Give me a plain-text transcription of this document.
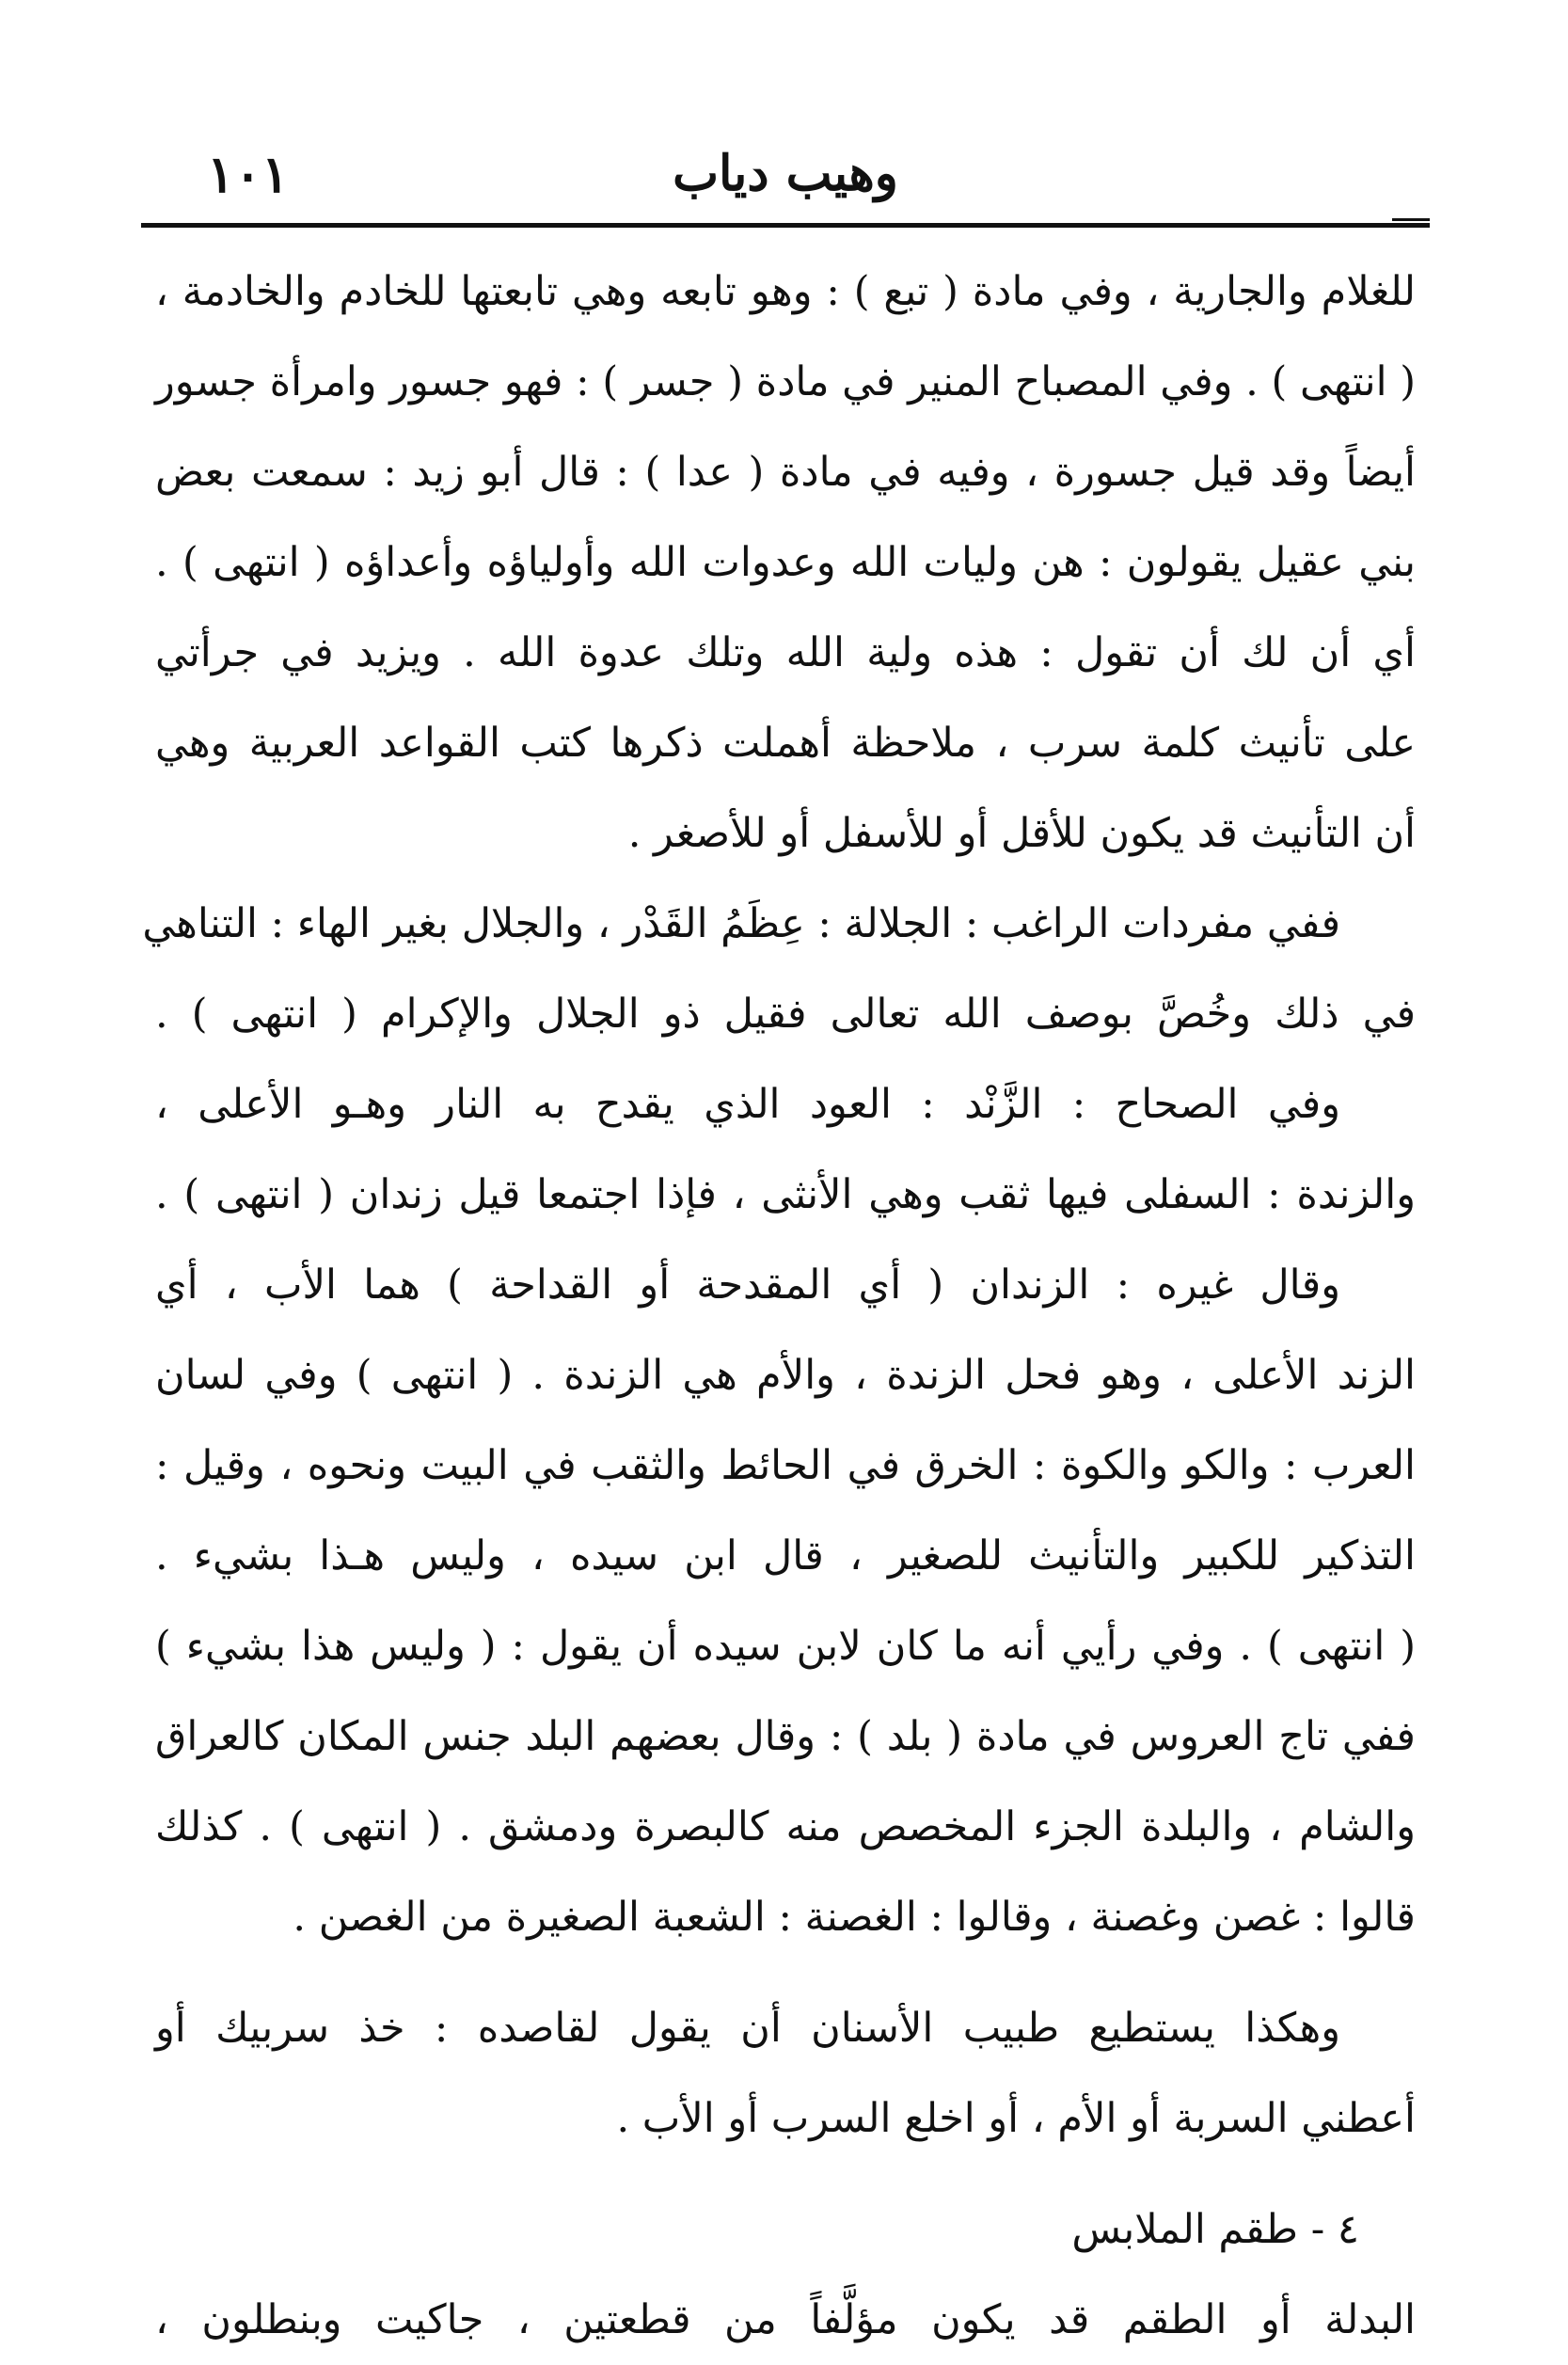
١٠١	وهيب دياب
للغلام والجارية ، وفي مادة ( تبع ) : وهو تابعه وهي تابعتها للخادم والخادمة ،
( انتهى ) . وفي المصباح المنير في مادة ( جسر ) : فهو جسور وامرأة جسور
أيضاً وقد قيل جسورة ، وفيه في مادة ( عدا ) : قال أبو زيد : سمعت بعض
بني عقيل يقولون : هن وليات الله وعدوات الله وأولياؤه وأعداؤه ( انتهى ) .
أي أن لك أن تقول : هذه ولية الله وتلك عدوة الله . ويزيد في جرأتي
على تأنيث كلمة سرب ، ملاحظة أهملت ذكرها كتب القواعد العربية وهي
أن التأنيث قد يكون للأقل أو للأسفل أو للأصغر .
ففي مفردات الراغب : الجلالة : عِظَمُ القَدْر ، والجلال بغير الهاء : التناهي
في ذلك وخُصَّ بوصف الله تعالى فقيل ذو الجلال والإكرام ( انتهى ) .
وفي الصحاح : الزَّنْد : العود الذي يقدح به النار وهـو الأعلى ،
والزندة : السفلى فيها ثقب وهي الأنثى ، فإذا اجتمعا قيل زندان ( انتهى ) .
وقال غيره : الزندان ( أي المقدحة أو القداحة ) هما الأب ، أي
الزند الأعلى ، وهو فحل الزندة ، والأم هي الزندة . ( انتهى ) وفي لسان
العرب : والكو والكوة : الخرق في الحائط والثقب في البيت ونحوه ، وقيل :
التذكير للكبير والتأنيث للصغير ، قال ابن سيده ، وليس هـذا بشيء .
( انتهى ) . وفي رأيي أنه ما كان لابن سيده أن يقول : ( وليس هذا بشيء )
ففي تاج العروس في مادة ( بلد ) : وقال بعضهم البلد جنس المكان كالعراق
والشام ، والبلدة الجزء المخصص منه كالبصرة ودمشق . ( انتهى ) . كذلك
قالوا : غصن وغصنة ، وقالوا : الغصنة : الشعبة الصغيرة من الغصن .
وهكذا يستطيع طبيب الأسنان أن يقول لقاصده : خذ سربيك أو
أعطني السربة أو الأم ، أو اخلع السرب أو الأب .
٤ - طقم الملابس
البدلة أو الطقم قد يكون مؤلَّفاً من قطعتين ، جاكيت وبنطلون ،
